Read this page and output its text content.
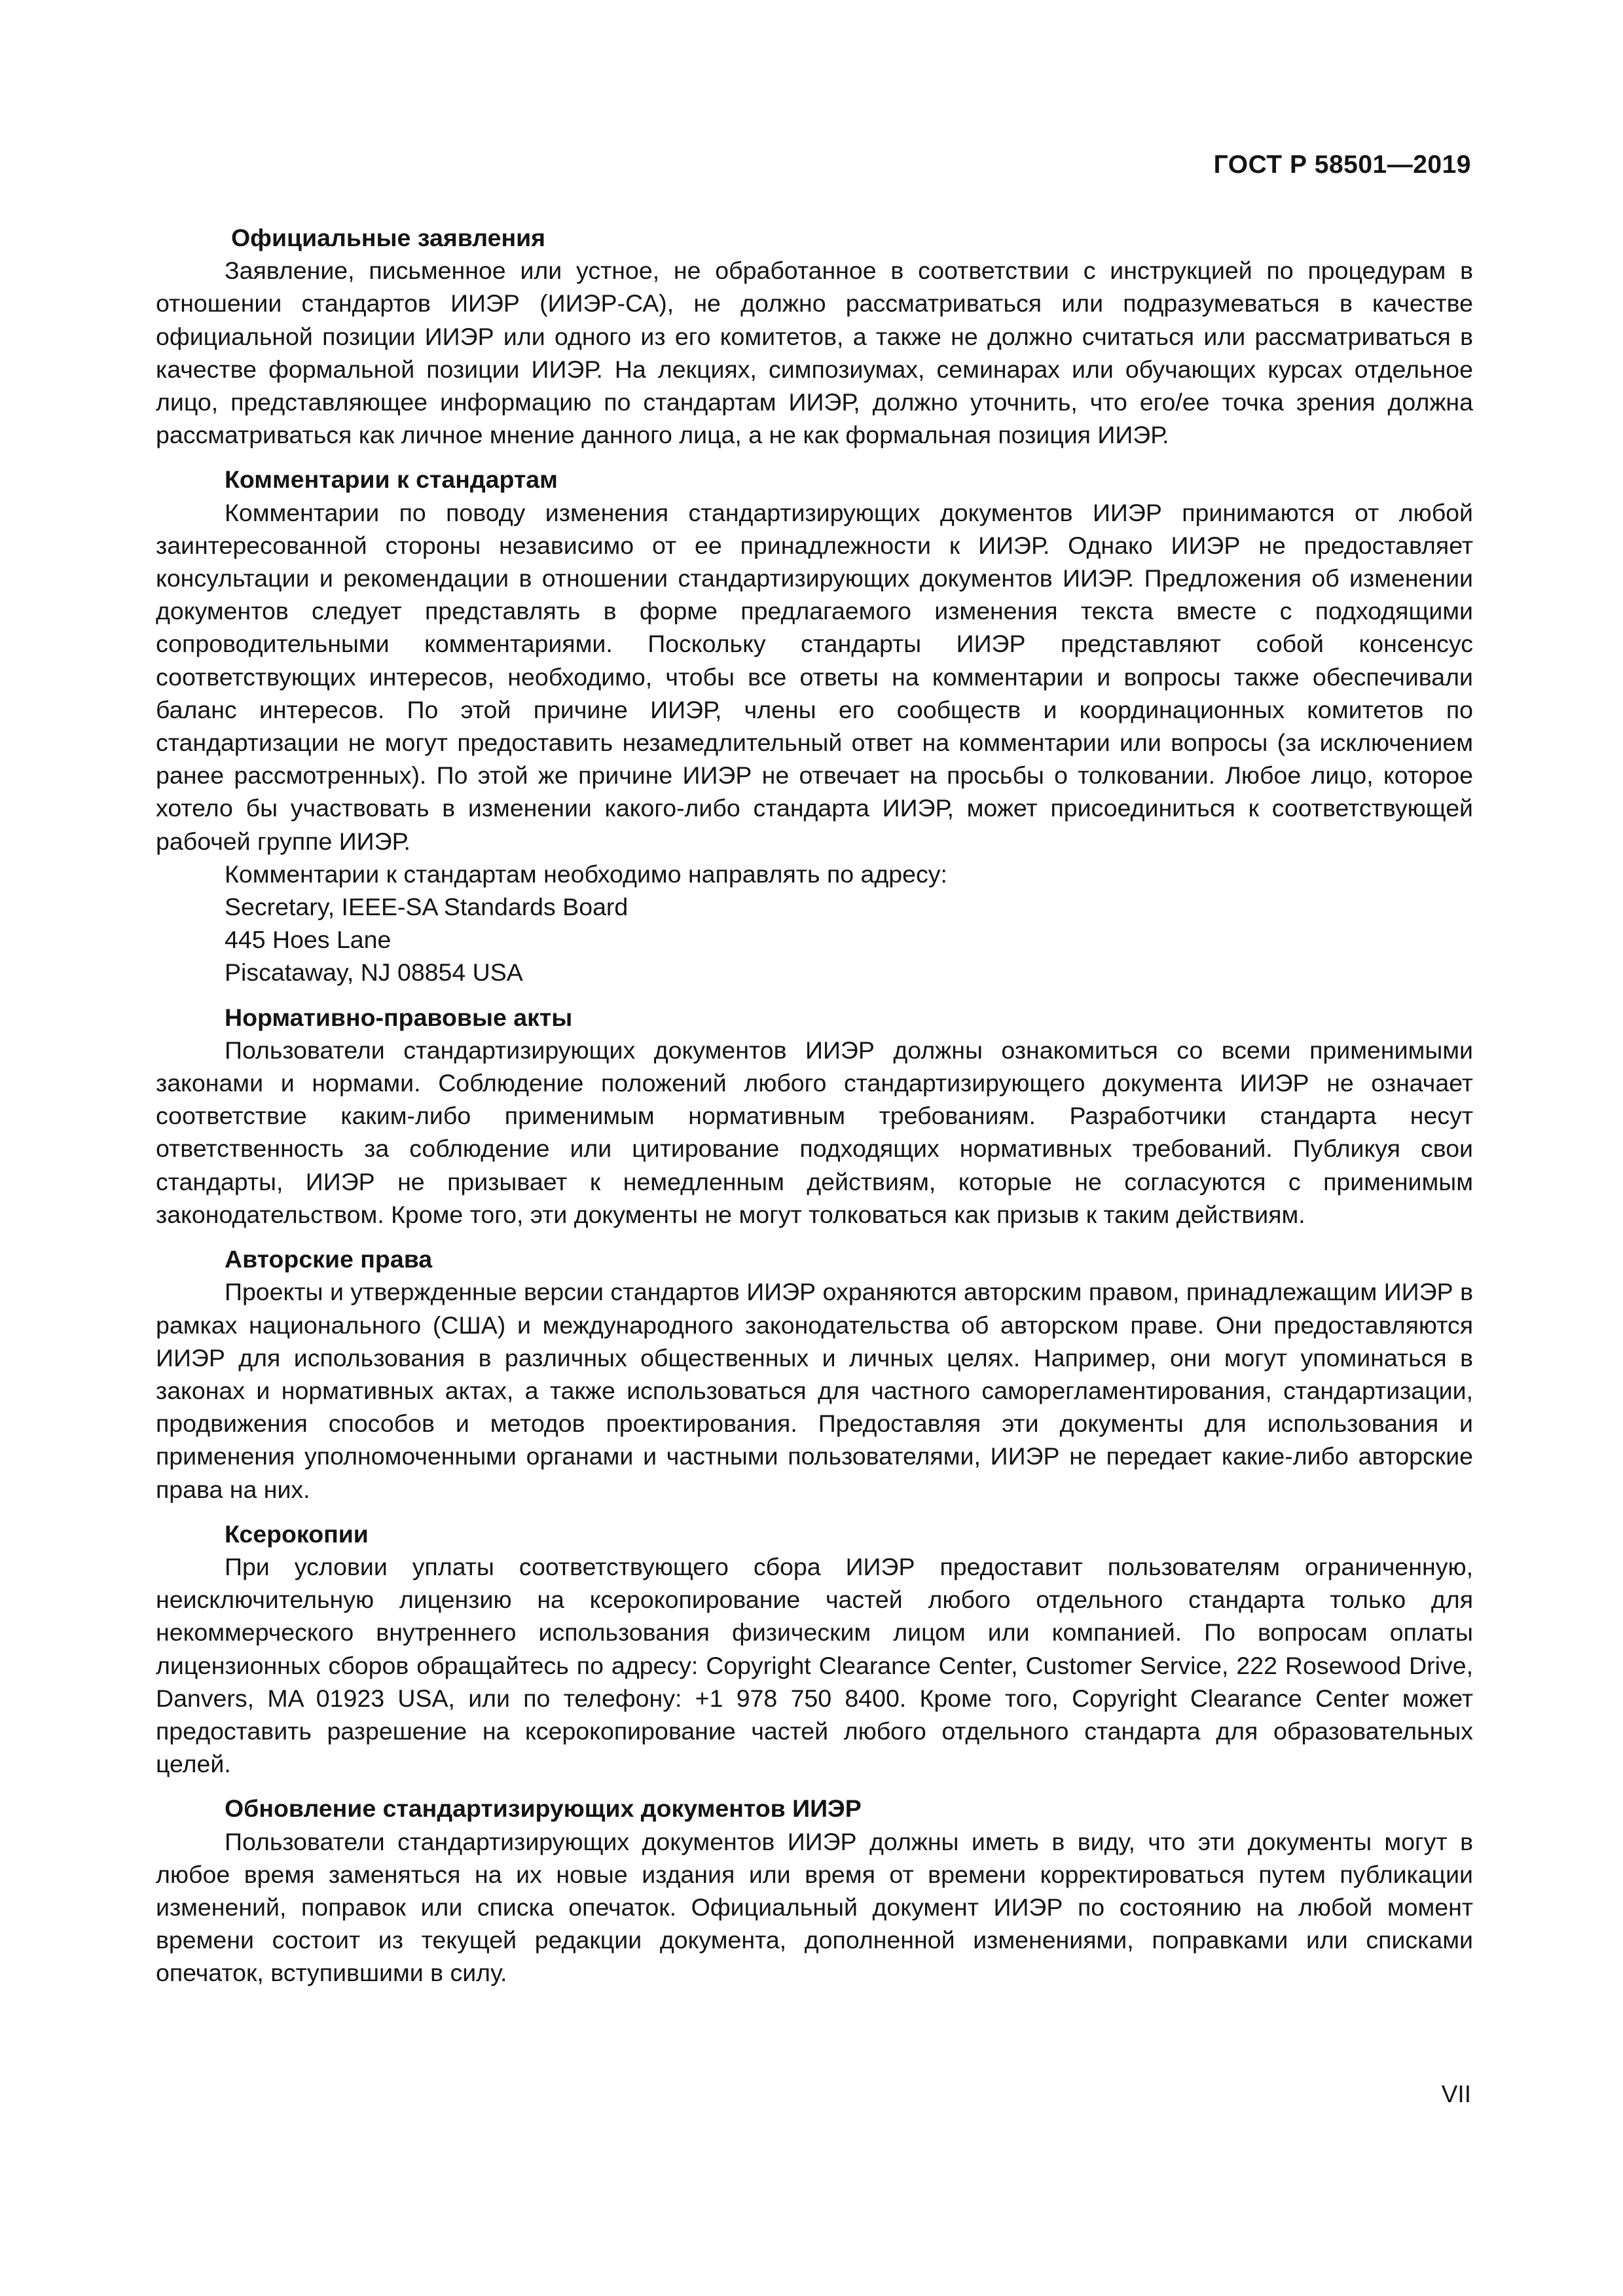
ГОСТ Р 58501—2019

Официальные заявления

Заявление, письменное или устное, не обработанное в соответствии с инструкцией по процедурам в отношении стандартов ИИЭР (ИИЭР-СА), не должно рассматриваться или подразумеваться в качестве официальной позиции ИИЭР или одного из его комитетов, а также не должно считаться или рассматриваться в качестве формальной позиции ИИЭР. На лекциях, симпозиумах, семинарах или обучающих курсах отдельное лицо, представляющее информацию по стандартам ИИЭР, должно уточнить, что его/ее точка зрения должна рассматриваться как личное мнение данного лица, а не как формальная позиция ИИЭР.

Комментарии к стандартам

Комментарии по поводу изменения стандартизирующих документов ИИЭР принимаются от любой заинтересованной стороны независимо от ее принадлежности к ИИЭР. Однако ИИЭР не предоставляет консультации и рекомендации в отношении стандартизирующих документов ИИЭР. Предложения об изменении документов следует представлять в форме предлагаемого изменения текста вместе с подходящими сопроводительными комментариями. Поскольку стандарты ИИЭР представляют собой консенсус соответствующих интересов, необходимо, чтобы все ответы на комментарии и вопросы также обеспечивали баланс интересов. По этой причине ИИЭР, члены его сообществ и координационных комитетов по стандартизации не могут предоставить незамедлительный ответ на комментарии или вопросы (за исключением ранее рассмотренных). По этой же причине ИИЭР не отвечает на просьбы о толковании. Любое лицо, которое хотело бы участвовать в изменении какого-либо стандарта ИИЭР, может присоединиться к соответствующей рабочей группе ИИЭР.

Комментарии к стандартам необходимо направлять по адресу:

Secretary, IEEE-SA Standards Board

445 Hoes Lane

Piscataway, NJ 08854 USA

Нормативно-правовые акты

Пользователи стандартизирующих документов ИИЭР должны ознакомиться со всеми применимыми законами и нормами. Соблюдение положений любого стандартизирующего документа ИИЭР не означает соответствие каким-либо применимым нормативным требованиям. Разработчики стандарта несут ответственность за соблюдение или цитирование подходящих нормативных требований. Публикуя свои стандарты, ИИЭР не призывает к немедленным действиям, которые не согласуются с применимым законодательством. Кроме того, эти документы не могут толковаться как призыв к таким действиям.

Авторские права

Проекты и утвержденные версии стандартов ИИЭР охраняются авторским правом, принадлежащим ИИЭР в рамках национального (США) и международного законодательства об авторском праве. Они предоставляются ИИЭР для использования в различных общественных и личных целях. Например, они могут упоминаться в законах и нормативных актах, а также использоваться для частного саморегламентирования, стандартизации, продвижения способов и методов проектирования. Предоставляя эти документы для использования и применения уполномоченными органами и частными пользователями, ИИЭР не передает какие-либо авторские права на них.

Ксерокопии

При условии уплаты соответствующего сбора ИИЭР предоставит пользователям ограниченную, неисключительную лицензию на ксерокопирование частей любого отдельного стандарта только для некоммерческого внутреннего использования физическим лицом или компанией. По вопросам оплаты лицензионных сборов обращайтесь по адресу: Copyright Clearance Center, Customer Service, 222 Rosewood Drive, Danvers, MA 01923 USA, или по телефону: +1 978 750 8400. Кроме того, Copyright Clearance Center может предоставить разрешение на ксерокопирование частей любого отдельного стандарта для образовательных целей.

Обновление стандартизирующих документов ИИЭР

Пользователи стандартизирующих документов ИИЭР должны иметь в виду, что эти документы могут в любое время заменяться на их новые издания или время от времени корректироваться путем публикации изменений, поправок или списка опечаток. Официальный документ ИИЭР по состоянию на любой момент времени состоит из текущей редакции документа, дополненной изменениями, поправками или списками опечаток, вступившими в силу.

VII
